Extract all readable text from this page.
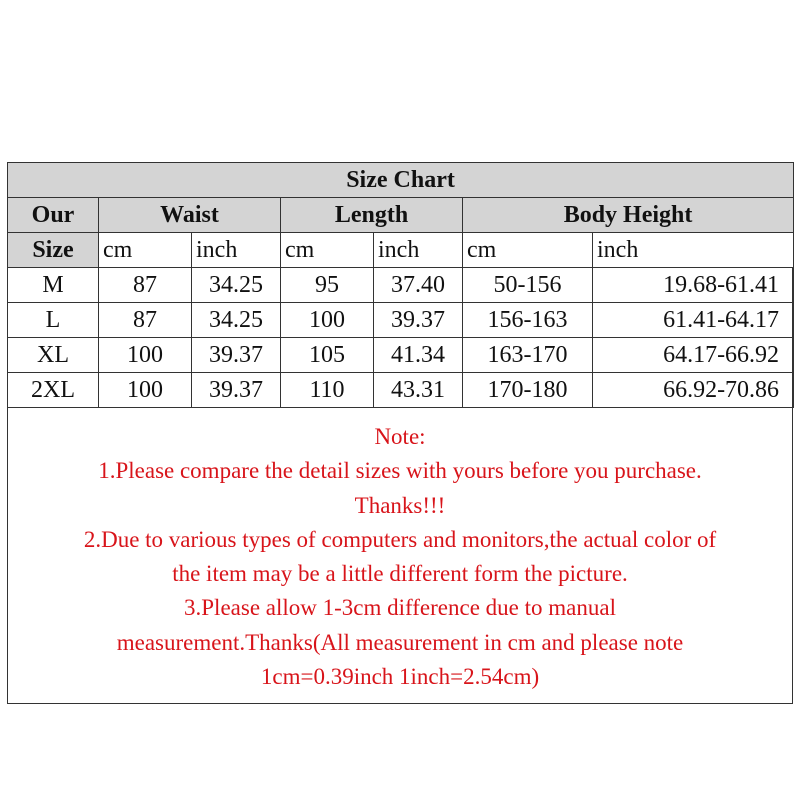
Size Chart						
Our	Waist		Length		Body Height	
Size	cm	inch	cm	inch	cm	inch
M	87	34.25	95	37.40	50-156	19.68-61.41
L	87	34.25	100	39.37	156-163	61.41-64.17
XL	100	39.37	105	41.34	163-170	64.17-66.92
2XL	100	39.37	110	43.31	170-180	66.92-70.86
Note:
1.Please compare the detail sizes with yours before you purchase.
Thanks!!!
2.Due to various types of computers and monitors,the actual color of
the item may be a little different form the picture.
3.Please allow 1-3cm difference due to manual
measurement.Thanks(All measurement in cm and please note
1cm=0.39inch 1inch=2.54cm)
